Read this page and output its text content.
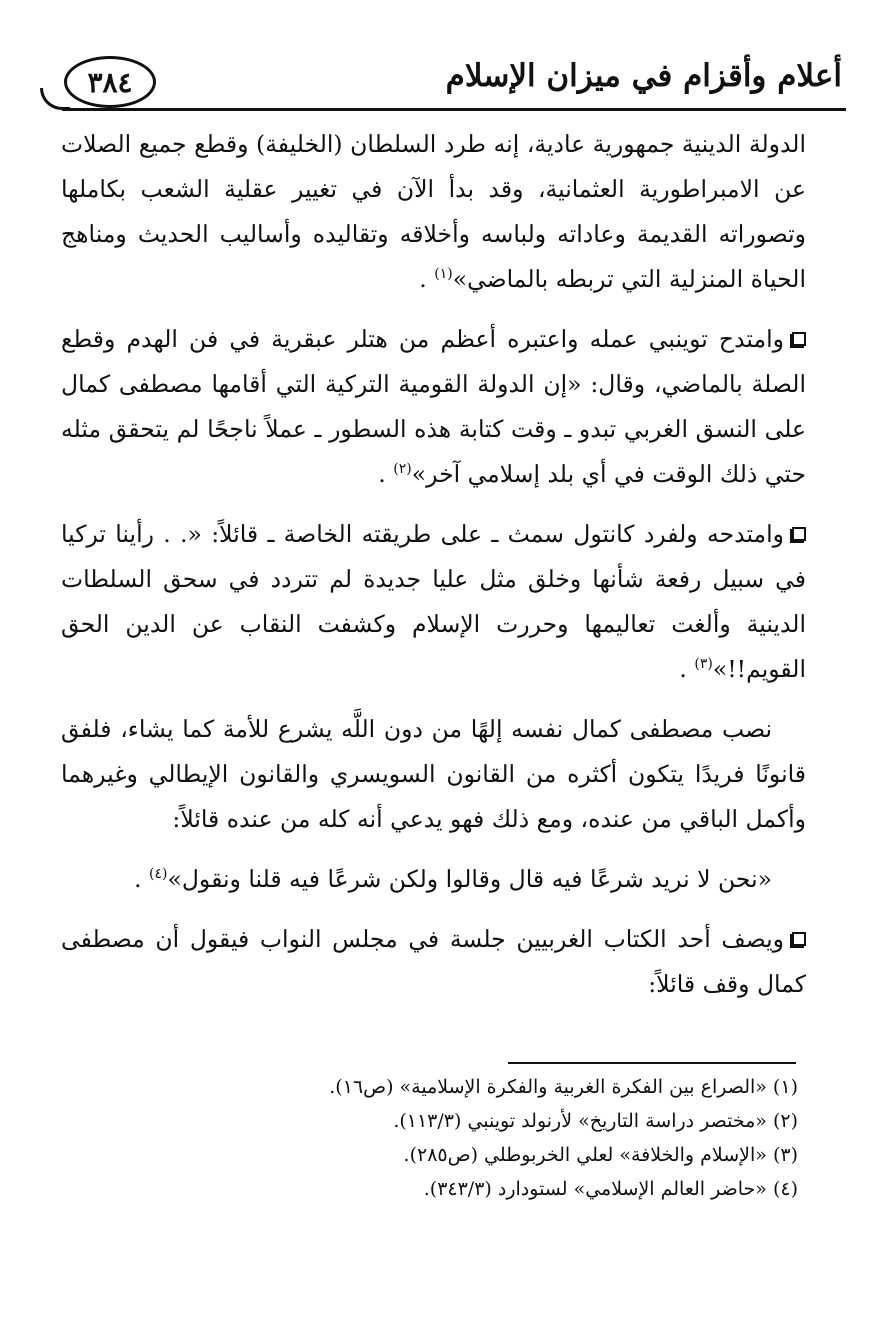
أعلام وأقزام في ميزان الإسلام
٣٨٤

الدولة الدينية جمهورية عادية، إنه طرد السلطان (الخليفة) وقطع جميع الصلات عن الامبراطورية العثمانية، وقد بدأ الآن في تغيير عقلية الشعب بكاملها وتصوراته القديمة وعاداته ولباسه وأخلاقه وتقاليده وأساليب الحديث ومناهج الحياة المنزلية التي تربطه بالماضي»$^{(١)}$ .

وامتدح توينبي عمله واعتبره أعظم من هتلر عبقرية في فن الهدم وقطع الصلة بالماضي، وقال: «إن الدولة القومية التركية التي أقامها مصطفى كمال على النسق الغربي تبدو ـ وقت كتابة هذه السطور ـ عملاً ناجحًا لم يتحقق مثله حتي ذلك الوقت في أي بلد إسلامي آخر»$^{(٢)}$ .

وامتدحه ولفرد كانتول سمث ـ على طريقته الخاصة ـ قائلاً: «. . رأينا تركيا في سبيل رفعة شأنها وخلق مثل عليا جديدة لم تتردد في سحق السلطات الدينية وألغت تعاليمها وحررت الإسلام وكشفت النقاب عن الدين الحق القويم!!»$^{(٣)}$ .

نصب مصطفى كمال نفسه إلهًا من دون اللَّه يشرع للأمة كما يشاء، فلفق قانونًا فريدًا يتكون أكثره من القانون السويسري والقانون الإيطالي وغيرهما وأكمل الباقي من عنده، ومع ذلك فهو يدعي أنه كله من عنده قائلاً:

«نحن لا نريد شرعًا فيه قال وقالوا ولكن شرعًا فيه قلنا ونقول»$^{(٤)}$ .

ويصف أحد الكتاب الغربيين جلسة في مجلس النواب فيقول أن مصطفى كمال وقف قائلاً:

(١) «الصراع بين الفكرة الغربية والفكرة الإسلامية» (ص١٦).

(٢) «مختصر دراسة التاريخ» لأرنولد توينبي (١١٣/٣).

(٣) «الإسلام والخلافة» لعلي الخربوطلي (ص٢٨٥).

(٤) «حاضر العالم الإسلامي» لستودارد (٣٤٣/٣).
